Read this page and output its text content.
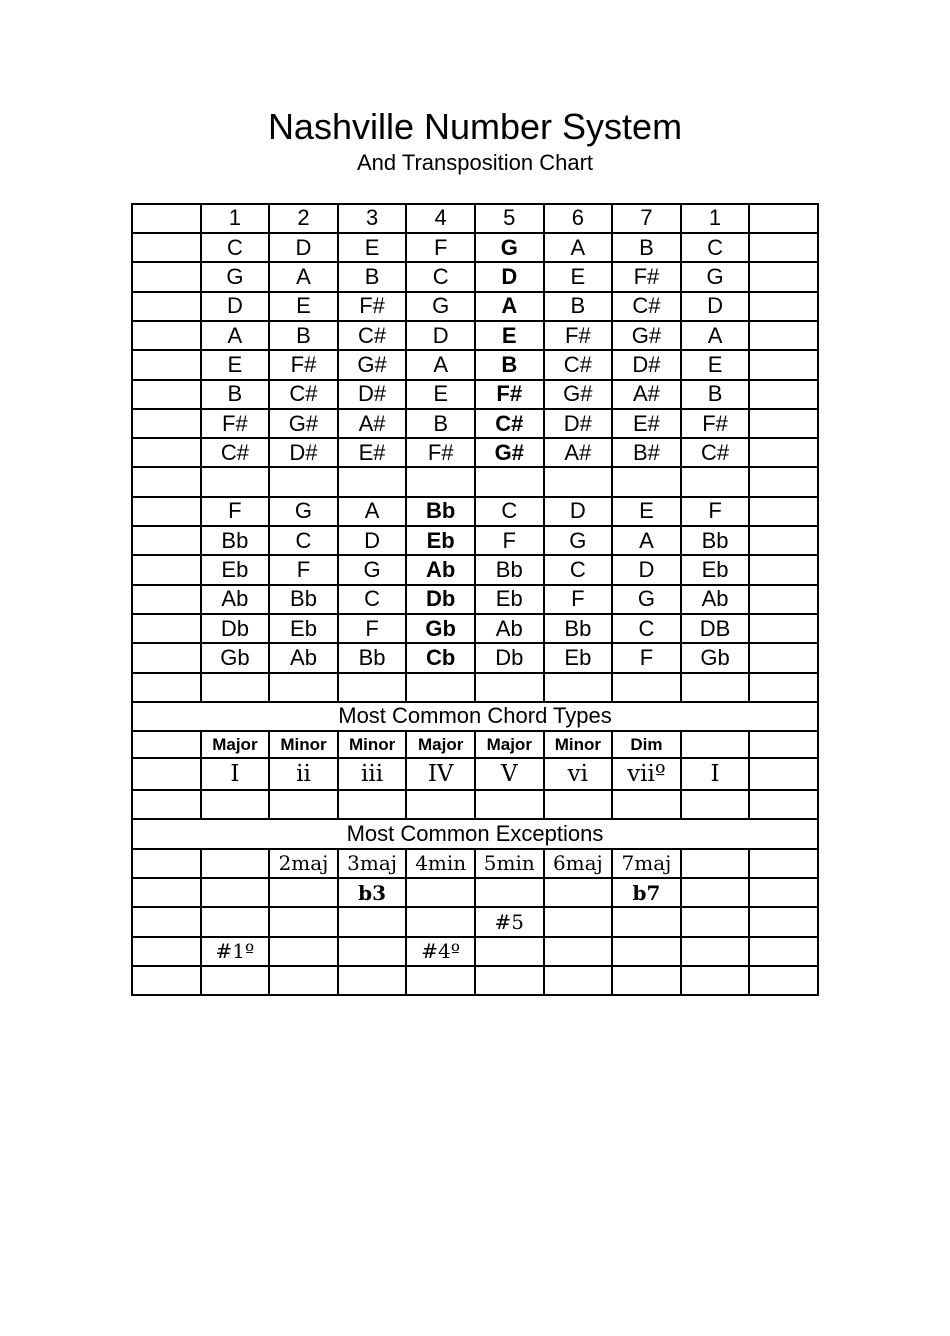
Nashville Number System
And Transposition Chart
	1	2	3	4	5	6	7	1	
	C	D	E	F	G	A	B	C	
	G	A	B	C	D	E	F#	G	
	D	E	F#	G	A	B	C#	D	
	A	B	C#	D	E	F#	G#	A	
	E	F#	G#	A	B	C#	D#	E	
	B	C#	D#	E	F#	G#	A#	B	
	F#	G#	A#	B	C#	D#	E#	F#	
	C#	D#	E#	F#	G#	A#	B#	C#	

	F	G	A	Bb	C	D	E	F	
	Bb	C	D	Eb	F	G	A	Bb	
	Eb	F	G	Ab	Bb	C	D	Eb	
	Ab	Bb	C	Db	Eb	F	G	Ab	
	Db	Eb	F	Gb	Ab	Bb	C	DB	
	Gb	Ab	Bb	Cb	Db	Eb	F	Gb	

Most Common Chord Types									
	Major	Minor	Minor	Major	Major	Minor	Dim		
	I	ii	iii	IV	V	vi	viiº	I	

Most Common Exceptions									
		2maj	3maj	4min	5min	6maj	7maj		
			b3				b7		
					#5				
	#1º			#4º					
